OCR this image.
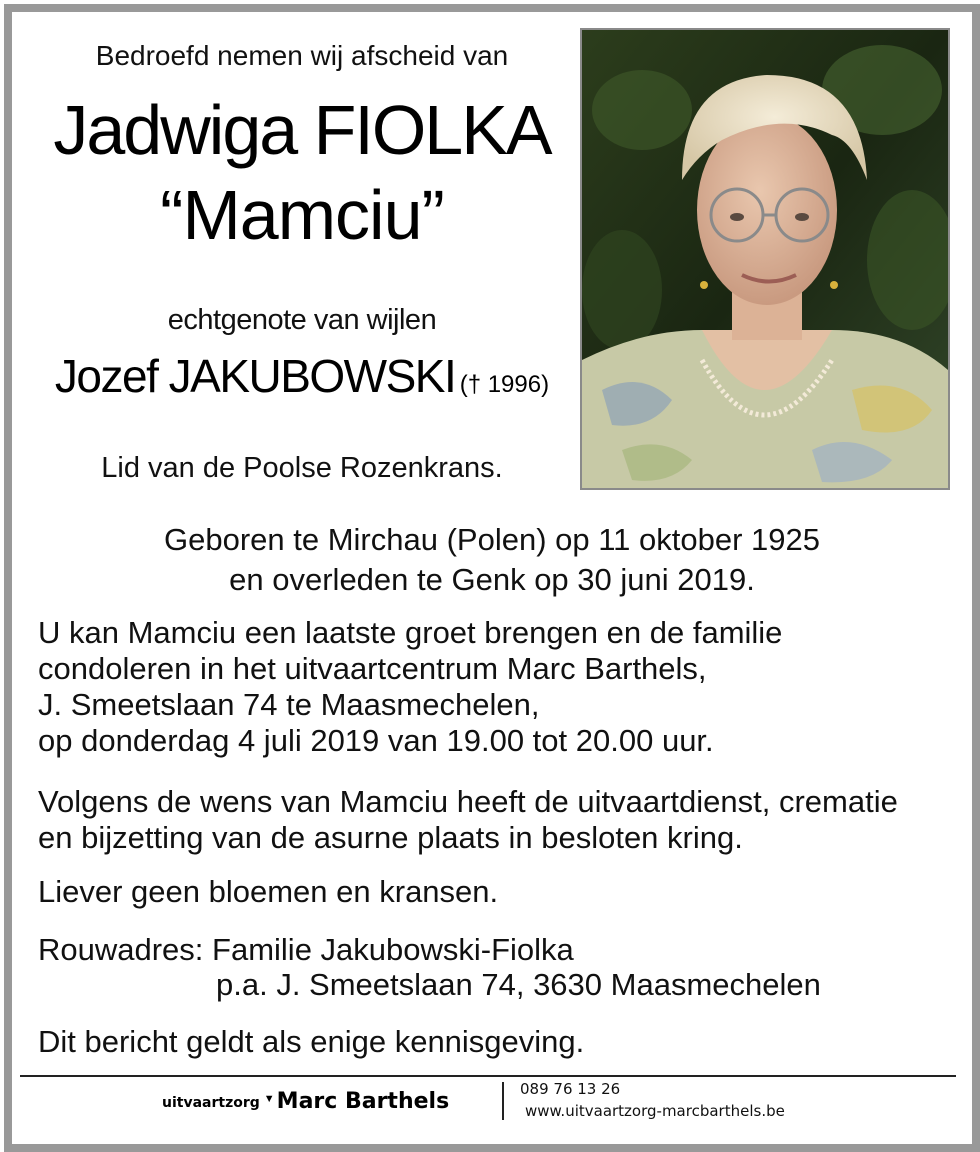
Bedroefd nemen wij afscheid van
Jadwiga FIOLKA
“Mamciu”
echtgenote van wijlen
Jozef JAKUBOWSKI († 1996)
Lid van de Poolse Rozenkrans.
Geboren te Mirchau (Polen) op 11 oktober 1925
en overleden te Genk op 30 juni 2019.
U kan Mamciu een laatste groet brengen en de familie
condoleren in het uitvaartcentrum Marc Barthels,
J. Smeetslaan 74 te Maasmechelen,
op donderdag 4 juli 2019 van 19.00 tot 20.00 uur.
Volgens de wens van Mamciu heeft de uitvaartdienst, crematie
en bijzetting van de asurne plaats in besloten kring.
Liever geen bloemen en kransen.
Rouwadres: Familie Jakubowski-Fiolka
p.a. J. Smeetslaan 74, 3630 Maasmechelen
Dit bericht geldt als enige kennisgeving.
uitvaartzorg ▼ Marc Barthels	089 76 13 26
www.uitvaartzorg-marcbarthels.be
